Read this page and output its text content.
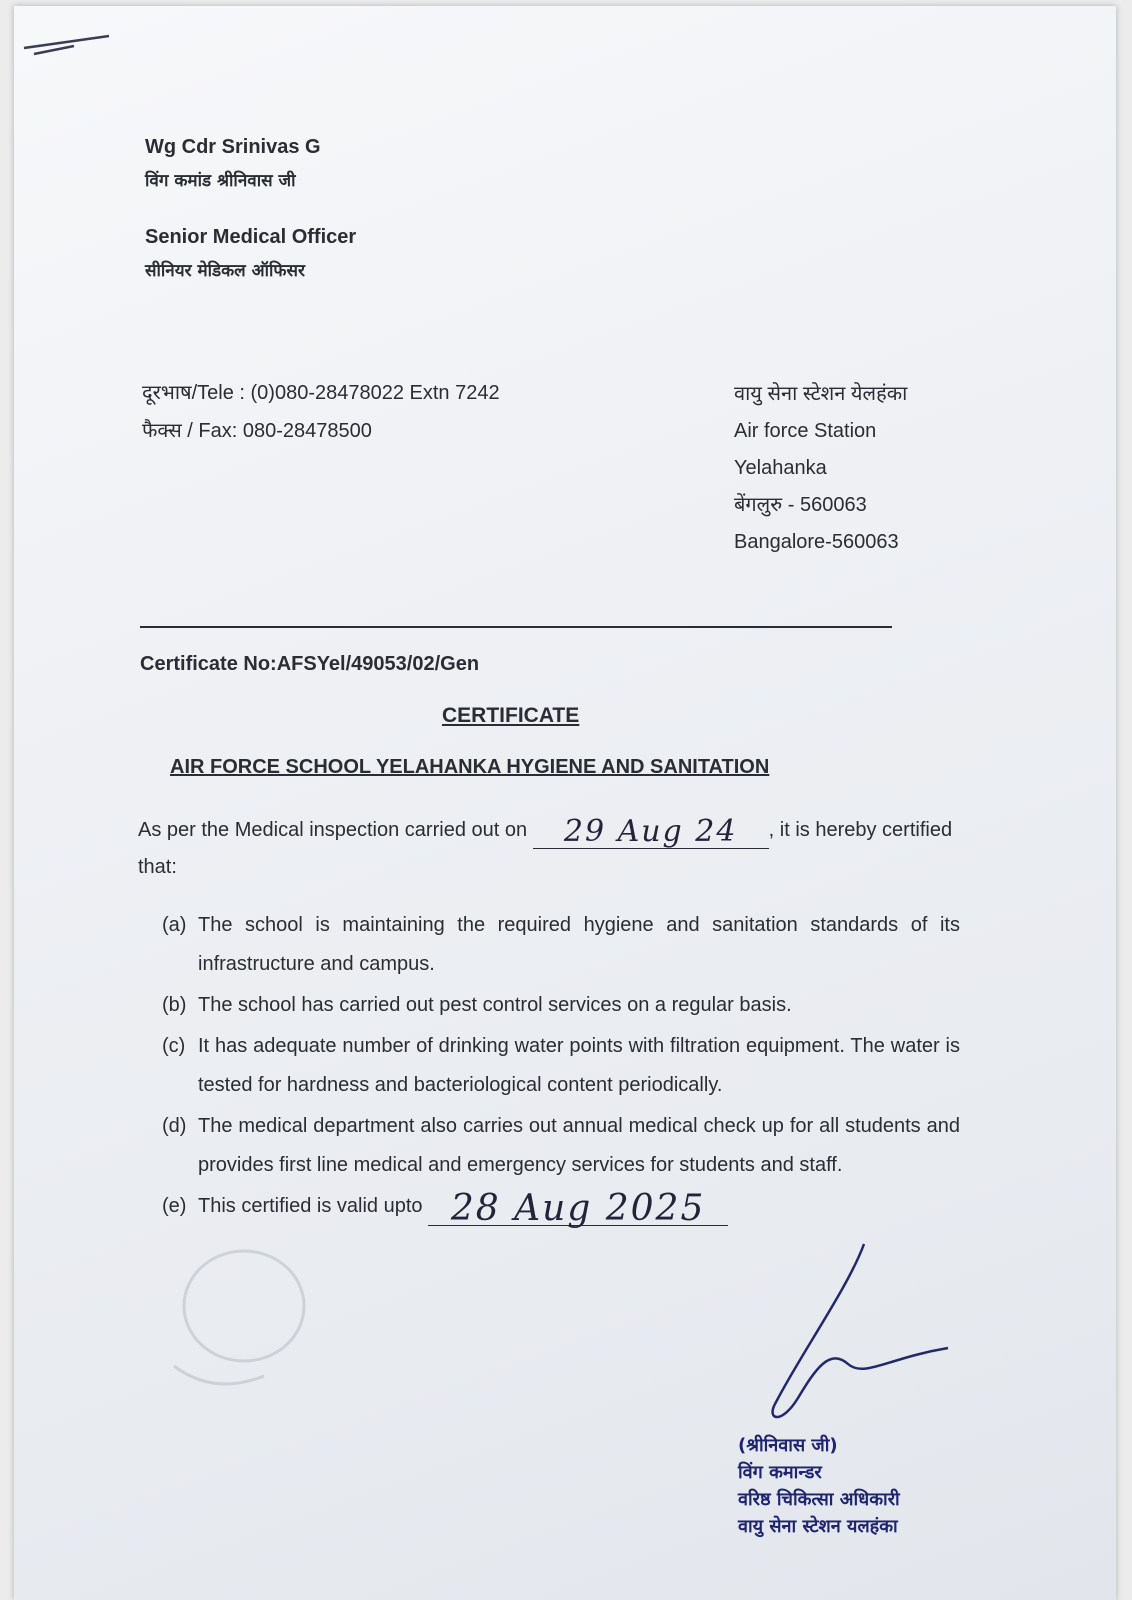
Wg Cdr Srinivas G
विंग कमांड श्रीनिवास जी
Senior Medical Officer
सीनियर मेडिकल ऑफिसर
दूरभाष/Tele : (0)080-28478022 Extn 7242
फैक्स / Fax: 080-28478500
वायु सेना स्टेशन येलहंका
Air force Station
Yelahanka
बेंगलुरु - 560063
Bangalore-560063
Certificate No:AFSYel/49053/02/Gen
CERTIFICATE
AIR FORCE SCHOOL YELAHANKA HYGIENE AND SANITATION
As per the Medical inspection carried out on 29 Aug 24 , it is hereby certified that:
(a) The school is maintaining the required hygiene and sanitation standards of its infrastructure and campus.
(b) The school has carried out pest control services on a regular basis.
(c) It has adequate number of drinking water points with filtration equipment. The water is tested for hardness and bacteriological content periodically.
(d) The medical department also carries out annual medical check up for all students and provides first line medical and emergency services for students and staff.
(e) This certified is valid upto 28 Aug 2025
(श्रीनिवास जी)
विंग कमान्डर
वरिष्ठ चिकित्सा अधिकारी
वायु सेना स्टेशन यलहंका
